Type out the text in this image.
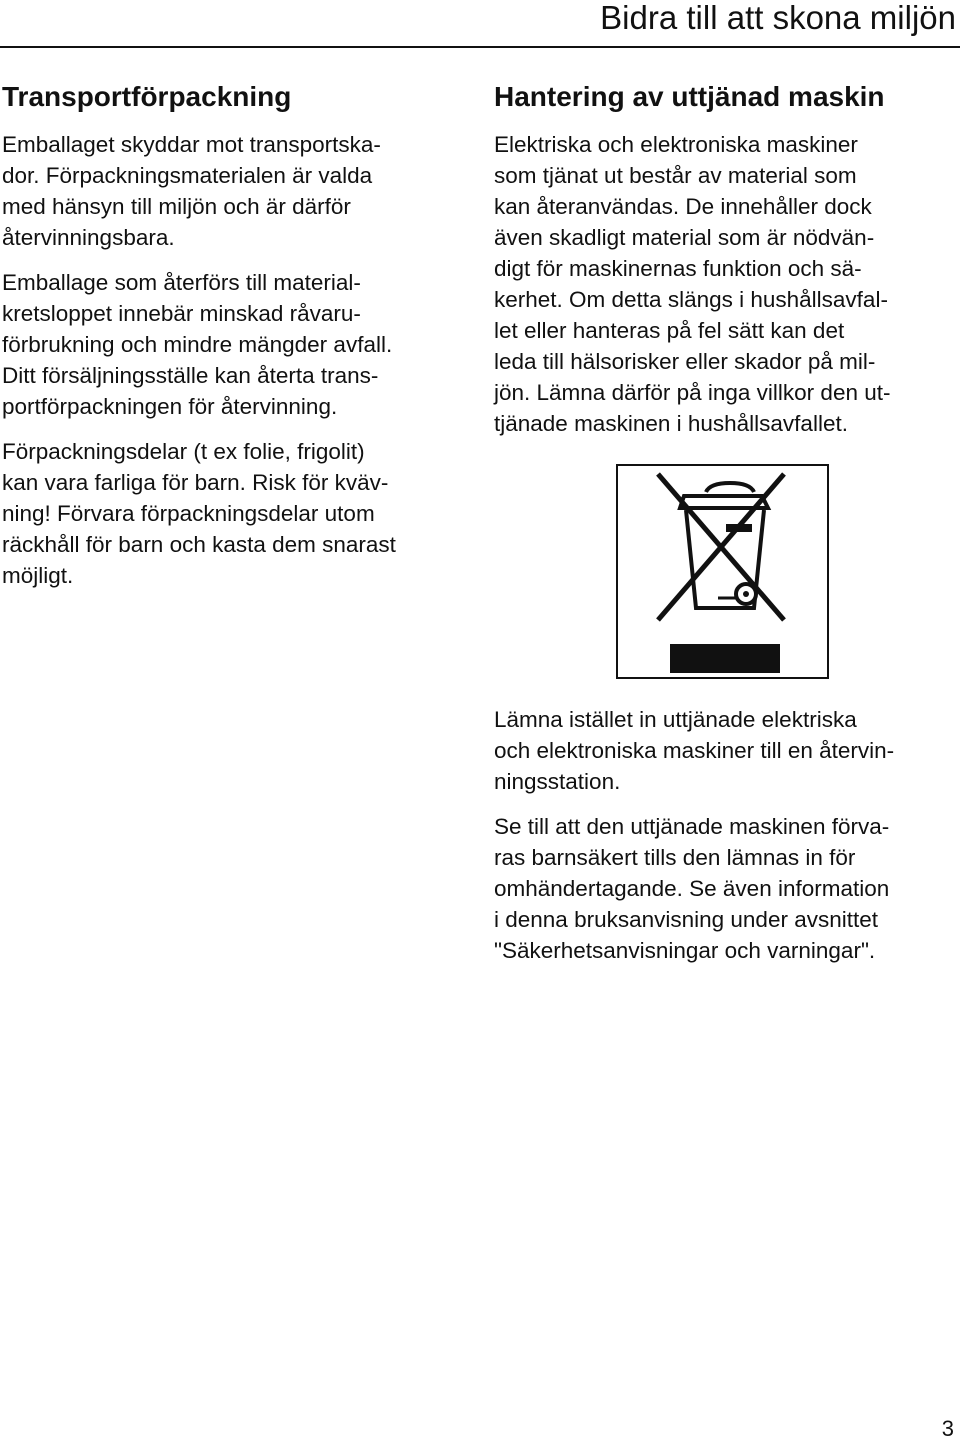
Bidra till att skona miljön
Transportförpackning

Emballaget skyddar mot transportska-
dor. Förpackningsmaterialen är valda
med hänsyn till miljön och är därför
återvinningsbara.

Emballage som återförs till material-
kretsloppet innebär minskad råvaru-
förbrukning och mindre mängder avfall.
Ditt försäljningsställe kan återta trans-
portförpackningen för återvinning.

Förpackningsdelar (t ex folie, frigolit)
kan vara farliga för barn. Risk för kväv-
ning! Förvara förpackningsdelar utom
räckhåll för barn och kasta dem snarast
möjligt.

Hantering av uttjänad maskin

Elektriska och elektroniska maskiner
som tjänat ut består av material som
kan återanvändas. De innehåller dock
även skadligt material som är nödvän-
digt för maskinernas funktion och sä-
kerhet. Om detta slängs i hushållsavfal-
let eller hanteras på fel sätt kan det
leda till hälsorisker eller skador på mil-
jön. Lämna därför på inga villkor den ut-
tjänade maskinen i hushållsavfallet.

Lämna istället in uttjänade elektriska
och elektroniska maskiner till en återvin-
ningsstation.

Se till att den uttjänade maskinen förva-
ras barnsäkert tills den lämnas in för
omhändertagande. Se även information
i denna bruksanvisning under avsnittet
"Säkerhetsanvisningar och varningar".

3
